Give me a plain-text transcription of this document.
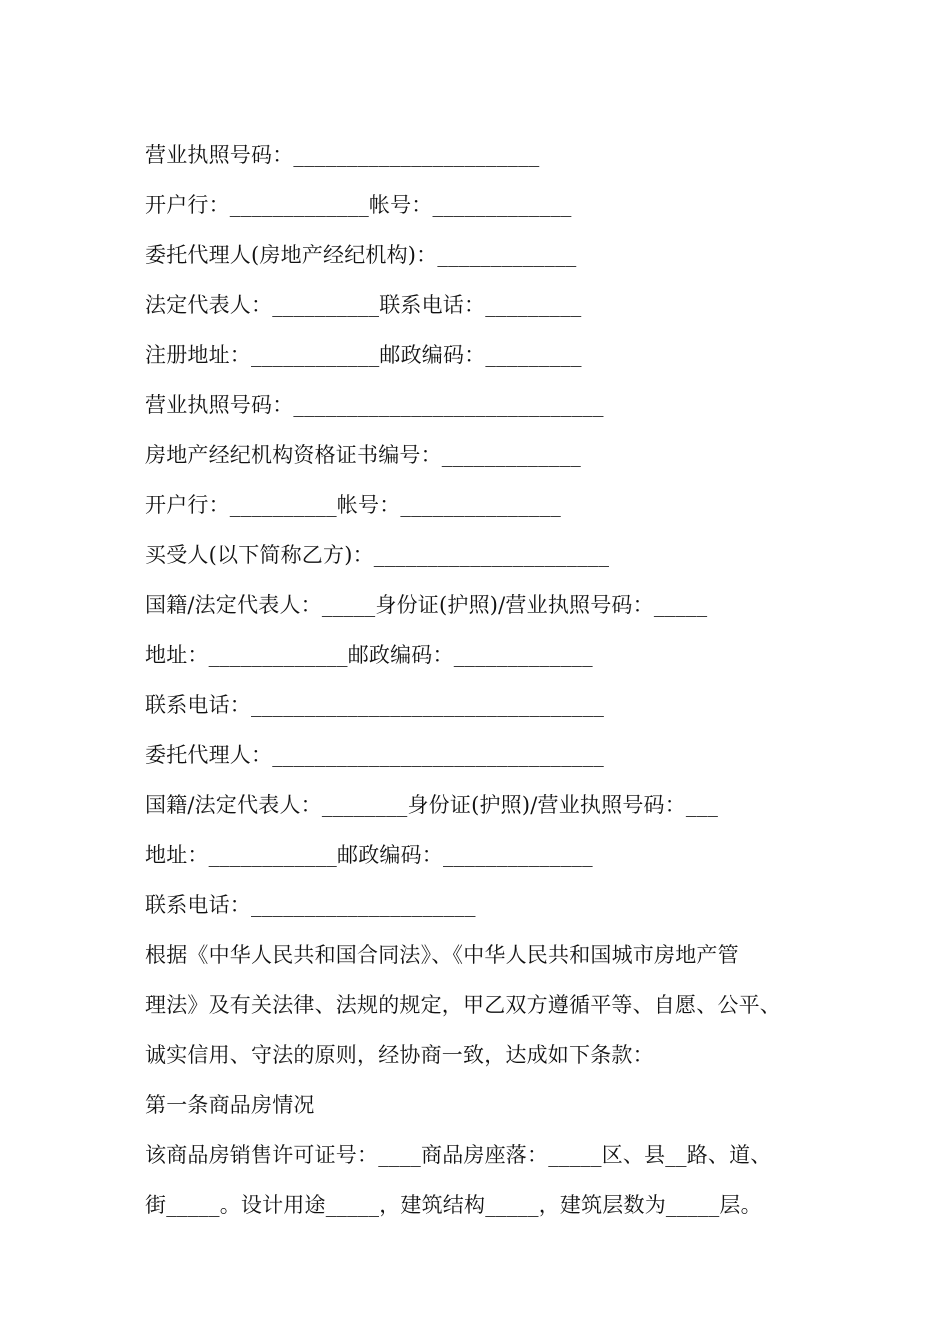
营业执照号码：_______________________
开户行：_____________帐号：_____________
委托代理人(房地产经纪机构)：_____________
法定代表人：__________联系电话：_________
注册地址：____________邮政编码：_________
营业执照号码：_____________________________
房地产经纪机构资格证书编号：_____________
开户行：__________帐号：_______________
买受人(以下简称乙方)：______________________
国籍/法定代表人：_____身份证(护照)/营业执照号码：_____
地址：_____________邮政编码：_____________
联系电话：_________________________________
委托代理人：_______________________________
国籍/法定代表人：________身份证(护照)/营业执照号码：___
地址：____________邮政编码：______________
联系电话：_____________________
根据《中华人民共和国合同法》、《中华人民共和国城市房地产管
理法》及有关法律、法规的规定，甲乙双方遵循平等、自愿、公平、
诚实信用、守法的原则，经协商一致，达成如下条款：
第一条商品房情况
该商品房销售许可证号：____商品房座落：_____区、县__路、道、
街_____。设计用途_____，建筑结构_____，建筑层数为_____层。
